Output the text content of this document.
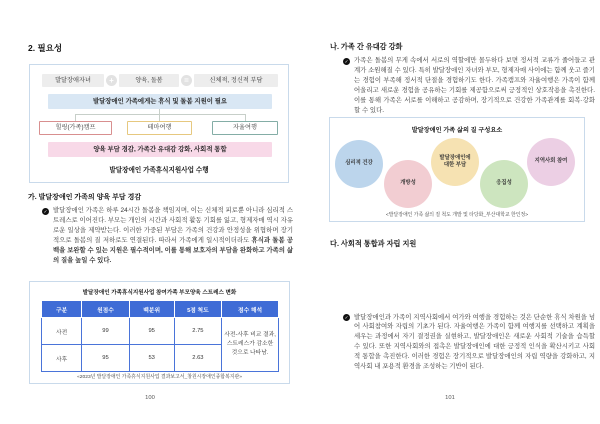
2. 필요성
발달장애자녀	+	양육, 돌봄	=	신체적, 정신적 부담
발달장애인 가족에게는 휴식 및 돌봄 지원이 필요
힐링(가족)캠프	테마여행	자율여행
양육 부담 경감, 가족간 유대감 강화, 사회적 통합
발달장애인 가족휴식지원사업 수행
가. 발달장애인 가족의 양육 부담 경감
✓ 발달장애인 가족은 하루 24시간 돌봄을 책임지며, 이는 신체적 피로뿐 아니라 심리적 스트레스로 이어진다. 부모는 개인의 시간과 사회적 활동 기회를 잃고, 형제자매 역시 자유로운 일상을 제약받는다. 이러한 가중된 부담은 가족의 건강과 안정성을 위협하며 장기적으로 돌봄의 질 저하로도 연결된다. 따라서 가족에게 일시적이더라도 휴식과 돌봄 공백을 보완할 수 있는 지원은 필수적이며, 이를 통해 보호자의 부담을 완화하고 가족의 삶의 질을 높일 수 있다.
발달장애인 가족휴식지원사업 참여가족 부모양육 스트레스 변화
구분	원점수	백분위	5점 척도	점수 해석
사전	99	95	2.75	사전-사후 비교 결과, 스트레스가 감소한 것으로 나타남.
사후	95	53	2.63	
«2023년 발달장애인 가족휴식지원사업 결과보고서_창원시장애인종합복지관»
100
나. 가족 간 유대감 강화
✓ 가족은 돌봄의 무게 속에서 서로의 역할에만 몰두하다 보면 정서적 교류가 줄어들고 관계가 소원해질 수 있다. 특히 발달장애인 자녀와 부모, 형제자매 사이에는 함께 웃고 즐기는 경험이 부족해 정서적 단절을 경험하기도 한다. 가족캠프와 자율여행은 가족이 함께 어울리고 새로운 경험을 공유하는 기회를 제공함으로써 긍정적인 상호작용을 촉진한다. 이를 통해 가족은 서로를 이해하고 공감하며, 장기적으로 건강한 가족관계를 회복·강화할 수 있다.
발달장애인 가족 삶의 질 구성요소
심리적 건강
개방성
발달장애인에 대한 부담
응집성
지역사회 참여
<발달장애인 가족 삶의 질 척도 개발 및 타당화_부산대학교 한인정>
다. 사회적 통합과 자립 지원
✓ 발달장애인과 가족이 지역사회에서 여가와 여행을 경험하는 것은 단순한 휴식 차원을 넘어 사회참여와 자립의 기초가 된다. 자율여행은 가족이 함께 여행지를 선택하고 계획을 세우는 과정에서 자기 결정권을 실현하고, 발달장애인은 새로운 사회적 기술을 습득할 수 있다. 또한 지역사회와의 접촉은 발달장애인에 대한 긍정적 인식을 확산시키고 사회적 통합을 촉진한다. 이러한 경험은 장기적으로 발달장애인의 자립 역량을 강화하고, 지역사회 내 포용적 환경을 조성하는 기반이 된다.
101
